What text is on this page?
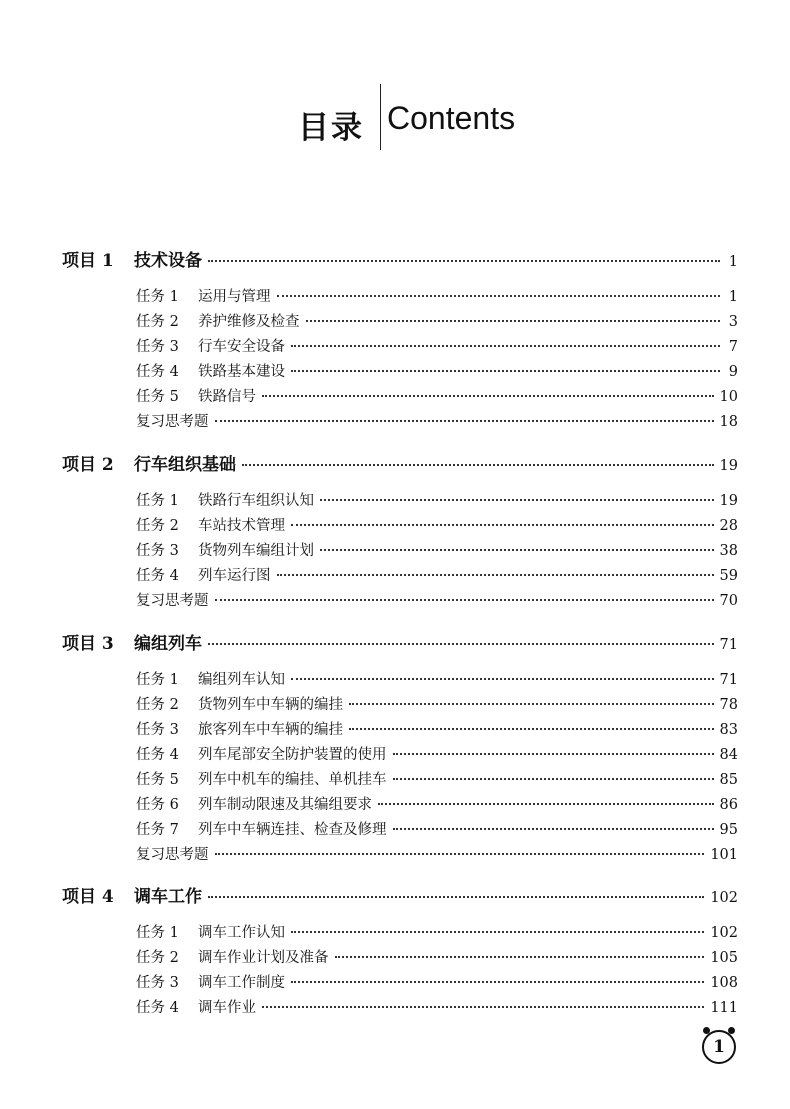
目录 Contents
项目 1	技术设备	1
任务 1	运用与管理	1
任务 2	养护维修及检查	3
任务 3	行车安全设备	7
任务 4	铁路基本建设	9
任务 5	铁路信号	10
复习思考题	18
项目 2	行车组织基础	19
任务 1	铁路行车组织认知	19
任务 2	车站技术管理	28
任务 3	货物列车编组计划	38
任务 4	列车运行图	59
复习思考题	70
项目 3	编组列车	71
任务 1	编组列车认知	71
任务 2	货物列车中车辆的编挂	78
任务 3	旅客列车中车辆的编挂	83
任务 4	列车尾部安全防护装置的使用	84
任务 5	列车中机车的编挂、单机挂车	85
任务 6	列车制动限速及其编组要求	86
任务 7	列车中车辆连挂、检查及修理	95
复习思考题	101
项目 4	调车工作	102
任务 1	调车工作认知	102
任务 2	调车作业计划及准备	105
任务 3	调车工作制度	108
任务 4	调车作业	111
1
